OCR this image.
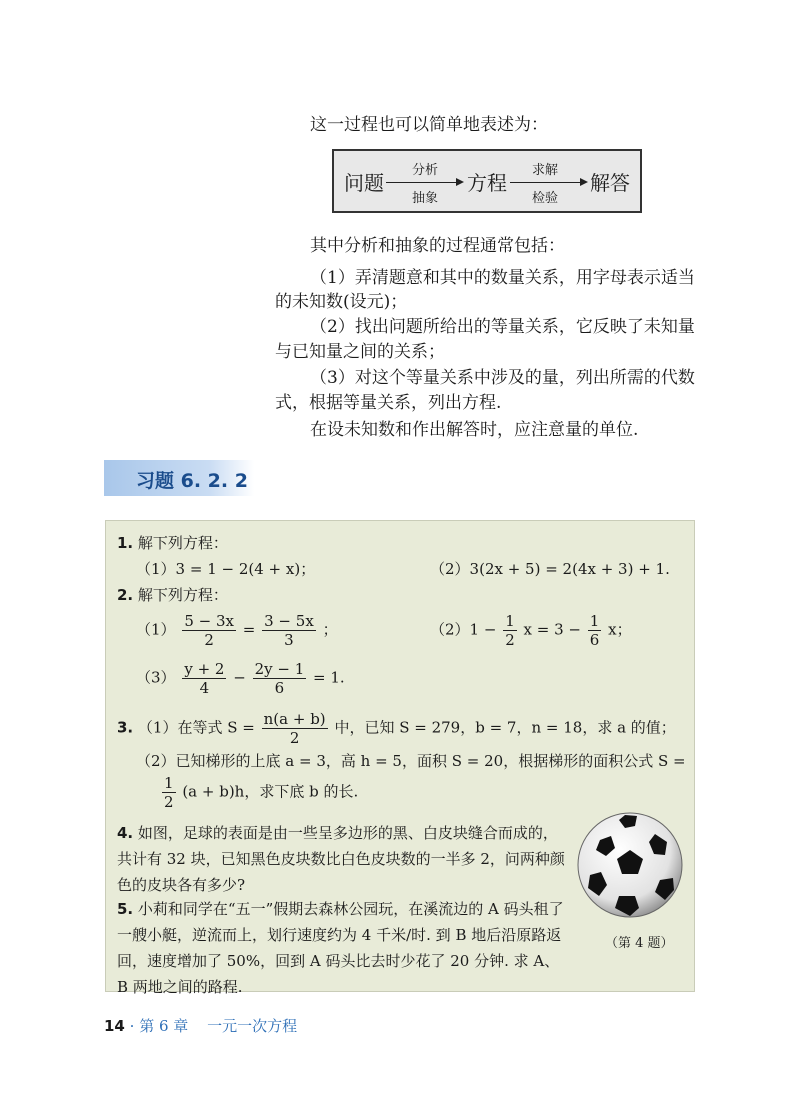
这一过程也可以简单地表述为：
问题
分析
抽象
方程
求解
检验
解答
其中分析和抽象的过程通常包括：
（1）弄清题意和其中的数量关系，用字母表示适当
的未知数(设元)；
（2）找出问题所给出的等量关系，它反映了未知量
与已知量之间的关系；
（3）对这个等量关系中涉及的量，列出所需的代数
式，根据等量关系，列出方程.
在设未知数和作出解答时，应注意量的单位.
习题 6. 2. 2
1. 解下列方程：
（1）3 = 1 − 2(4 + x)；	（2）3(2x + 5) = 2(4x + 3) + 1.
2. 解下列方程：
$(1) \frac{5 - 3x}{2} = \frac{3 - 5x}{3}$ ；	$(2)1 - \frac{1}{2}$ $x = 3 - \frac{1}{6}$ x；
$(3) \frac{y + 2}{4} - \frac{2y - 1}{6} = 1$.
3. （1）在等式 $S = \frac{n(a + b)}{2}$ 中，已知 S = 279，b = 7，n = 18，求 a 的值；
（2）已知梯形的上底 a = 3，高 h = 5，面积 S = 20，根据梯形的面积公式 S =
$\frac{1}{2} (a + b)h$，求下底 b 的长.
4. 如图，足球的表面是由一些呈多边形的黑、白皮块缝合而成的，共计有 32 块，已知黑色皮块数比白色皮块数的一半多 2，问两种颜色的皮块各有多少?
5. 小莉和同学在“五一”假期去森林公园玩，在溪流边的 A 码头租了一艘小艇，逆流而上，划行速度约为 4 千米/时. 到 B 地后沿原路返回，速度增加了 50%，回到 A 码头比去时少花了 20 分钟. 求 A、B 两地之间的路程.
（第 4 题）
14 · 第 6 章 一元一次方程
